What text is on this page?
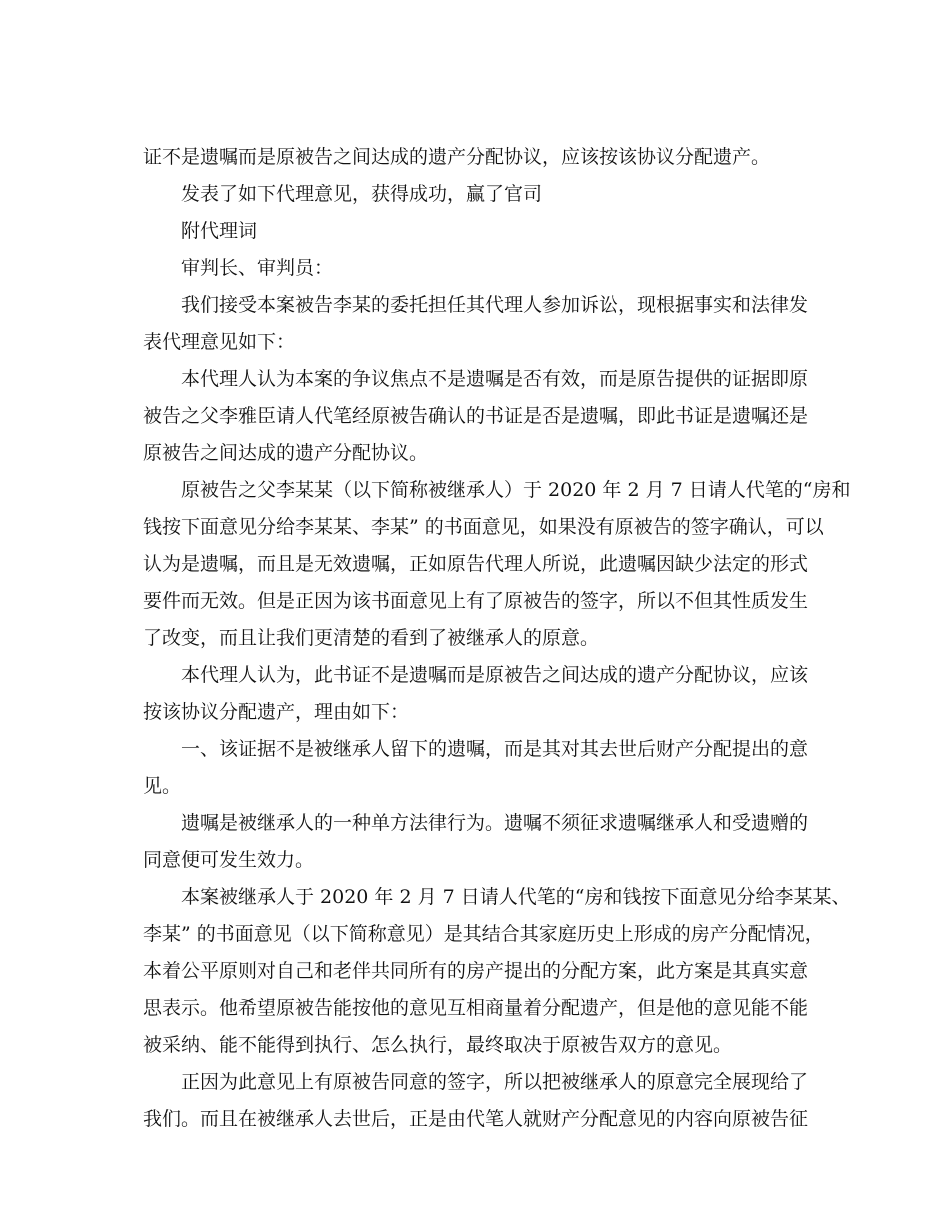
证不是遗嘱而是原被告之间达成的遗产分配协议，应该按该协议分配遗产。
发表了如下代理意见，获得成功，赢了官司
附代理词
审判长、审判员：
我们接受本案被告李某的委托担任其代理人参加诉讼，现根据事实和法律发
表代理意见如下：
本代理人认为本案的争议焦点不是遗嘱是否有效，而是原告提供的证据即原
被告之父李雅臣请人代笔经原被告确认的书证是否是遗嘱，即此书证是遗嘱还是
原被告之间达成的遗产分配协议。
原被告之父李某某（以下简称被继承人）于 2020 年 2 月 7 日请人代笔的“房和
钱按下面意见分给李某某、李某” 的书面意见，如果没有原被告的签字确认，可以
认为是遗嘱，而且是无效遗嘱，正如原告代理人所说，此遗嘱因缺少法定的形式
要件而无效。但是正因为该书面意见上有了原被告的签字，所以不但其性质发生
了改变，而且让我们更清楚的看到了被继承人的原意。
本代理人认为，此书证不是遗嘱而是原被告之间达成的遗产分配协议，应该
按该协议分配遗产，理由如下：
一、该证据不是被继承人留下的遗嘱，而是其对其去世后财产分配提出的意
见。
遗嘱是被继承人的一种单方法律行为。遗嘱不须征求遗嘱继承人和受遗赠的
同意便可发生效力。
本案被继承人于 2020 年 2 月 7 日请人代笔的“房和钱按下面意见分给李某某、
李某” 的书面意见（以下简称意见）是其结合其家庭历史上形成的房产分配情况，
本着公平原则对自己和老伴共同所有的房产提出的分配方案，此方案是其真实意
思表示。他希望原被告能按他的意见互相商量着分配遗产，但是他的意见能不能
被采纳、能不能得到执行、怎么执行，最终取决于原被告双方的意见。
正因为此意见上有原被告同意的签字，所以把被继承人的原意完全展现给了
我们。而且在被继承人去世后，正是由代笔人就财产分配意见的内容向原被告征
